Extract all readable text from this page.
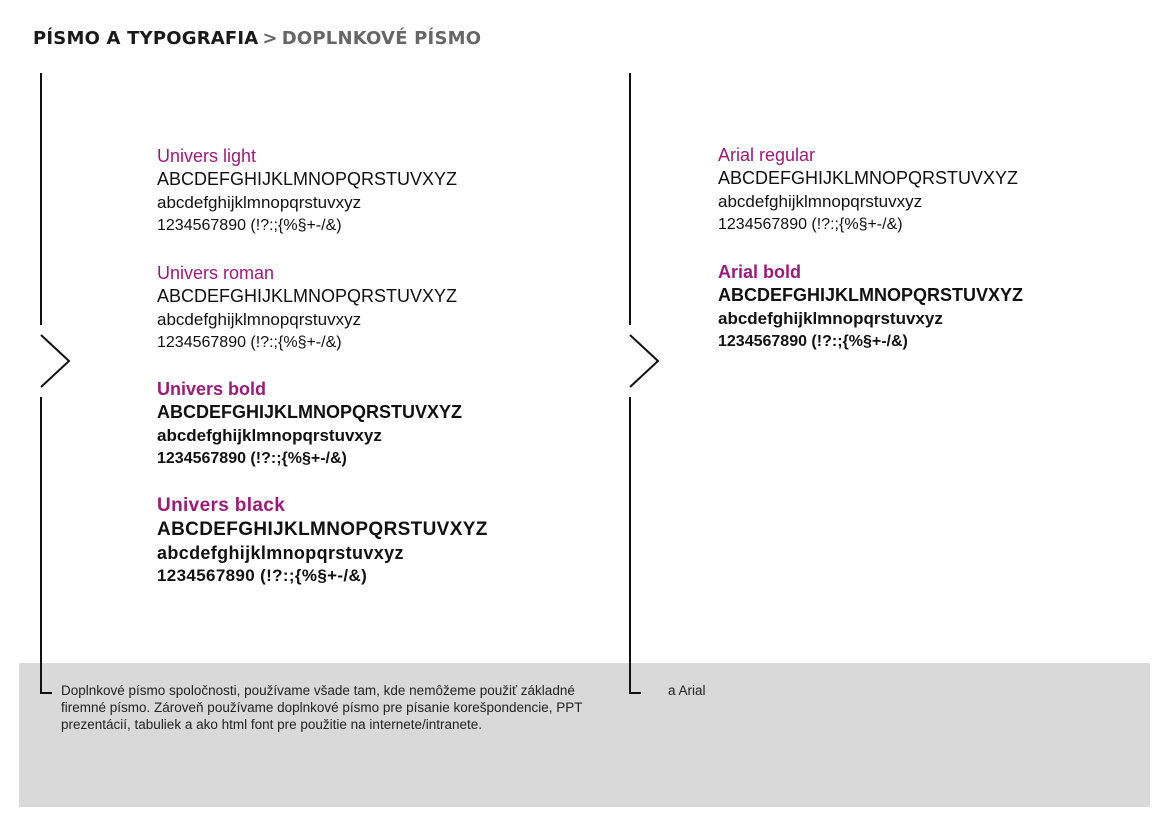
PÍSMO A TYPOGRAFIA > DOPLNKOVÉ PÍSMO
Univers light
ABCDEFGHIJKLMNOPQRSTUVXYZ
abcdefghijklmnopqrstuvxyz
1234567890 (!?:;{%§+-/&)
Univers roman
ABCDEFGHIJKLMNOPQRSTUVXYZ
abcdefghijklmnopqrstuvxyz
1234567890 (!?:;{%§+-/&)
Univers bold
ABCDEFGHIJKLMNOPQRSTUVXYZ
abcdefghijklmnopqrstuvxyz
1234567890 (!?:;{%§+-/&)
Univers black
ABCDEFGHIJKLMNOPQRSTUVXYZ
abcdefghijklmnopqrstuvxyz
1234567890 (!?:;{%§+-/&)
Arial regular
ABCDEFGHIJKLMNOPQRSTUVXYZ
abcdefghijklmnopqrstuvxyz
1234567890 (!?:;{%§+-/&)
Arial bold
ABCDEFGHIJKLMNOPQRSTUVXYZ
abcdefghijklmnopqrstuvxyz
1234567890 (!?:;{%§+-/&)
Doplnkové písmo spoločnosti, používame všade tam, kde nemôžeme použiť základné firemné písmo. Zároveň používame doplnkové písmo pre písanie korešpondencie, PPT prezentácií, tabuliek a ako html font pre použitie na internete/intranete.
a Arial
